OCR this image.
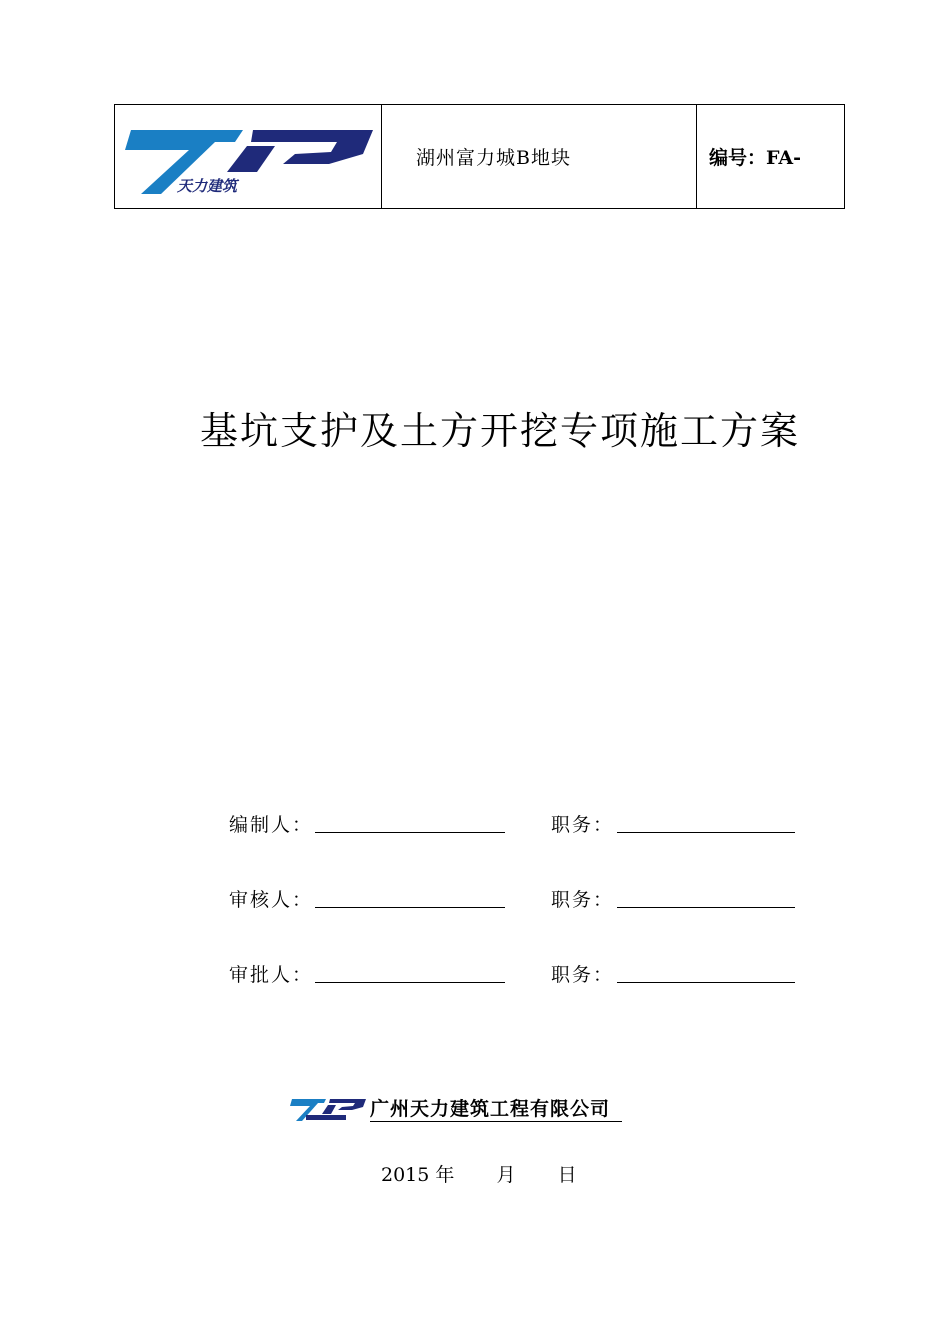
天力建筑
湖州富力城B地块	编号：FA-
基坑支护及土方开挖专项施工方案
编制人：	职务：
审核人：	职务：
审批人：	职务：
广州天力建筑工程有限公司
2015 年 月 日
